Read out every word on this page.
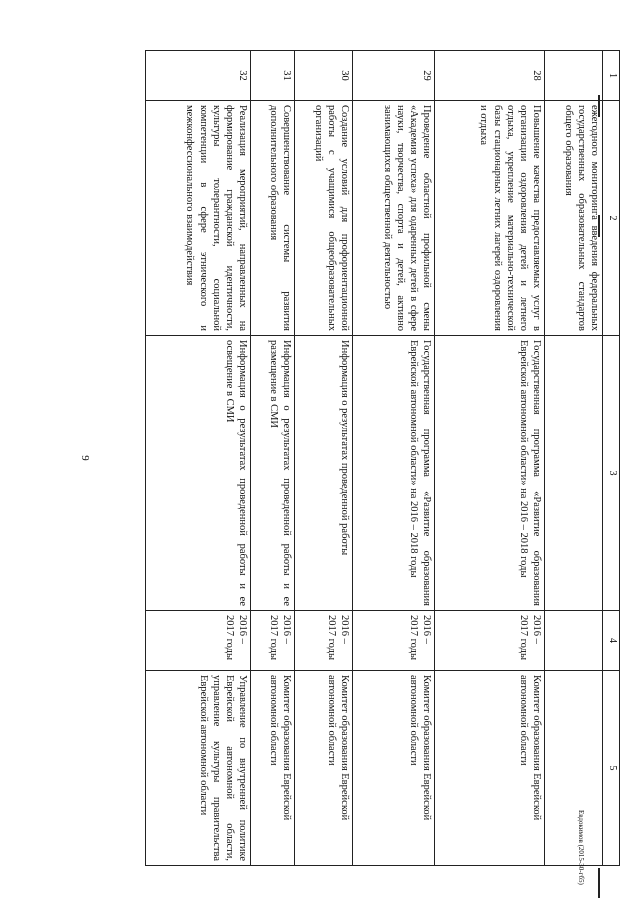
9
1	2	3	4	5
	ежегодного мониторинга введения федеральных государственных образовательных стандартов общего образования			
28	Повышение качества предоставляемых услуг в организации оздоровления детей и летнего отдыха, укрепление материально-технической базы стационарных летних лагерей оздоровления и отдыха	Государственная программа «Развитие образования Еврейской автономной области» на 2016 – 2018 годы	2016 – 2017 годы	Комитет образования Еврейской автономной области
29	Проведение областной профильной смены «Академия успеха» для одаренных детей в сфере науки, творчества, спорта и детей, активно занимающихся общественной деятельностью	Государственная программа «Развитие образования Еврейской автономной области» на 2016 – 2018 годы	2016 – 2017 годы	Комитет образования Еврейской автономной области
30	Создание условий для профориентационной работы с учащимися общеобразовательных организаций	Информация о результатах проведенной работы	2016 – 2017 годы	Комитет образования Еврейской автономной области
31	Совершенствование системы развития дополнительного образования	Информация о результатах проведенной работы и ее размещение в СМИ	2016 – 2017 годы	Комитет образования Еврейской автономной области
32	Реализация мероприятий, направленных на формирование гражданской идентичности, культуры толерантности, социальной компетенции в сфере этнического и межконфессионального взаимодействия	Информация о результатах проведенной работы и ее освещение в СМИ	2016 – 2017 годы	Управление по внутренней политике Еврейской автономной области, управление культуры правительства Еврейской автономной области
Евдокимов (2015-30-гб5)
